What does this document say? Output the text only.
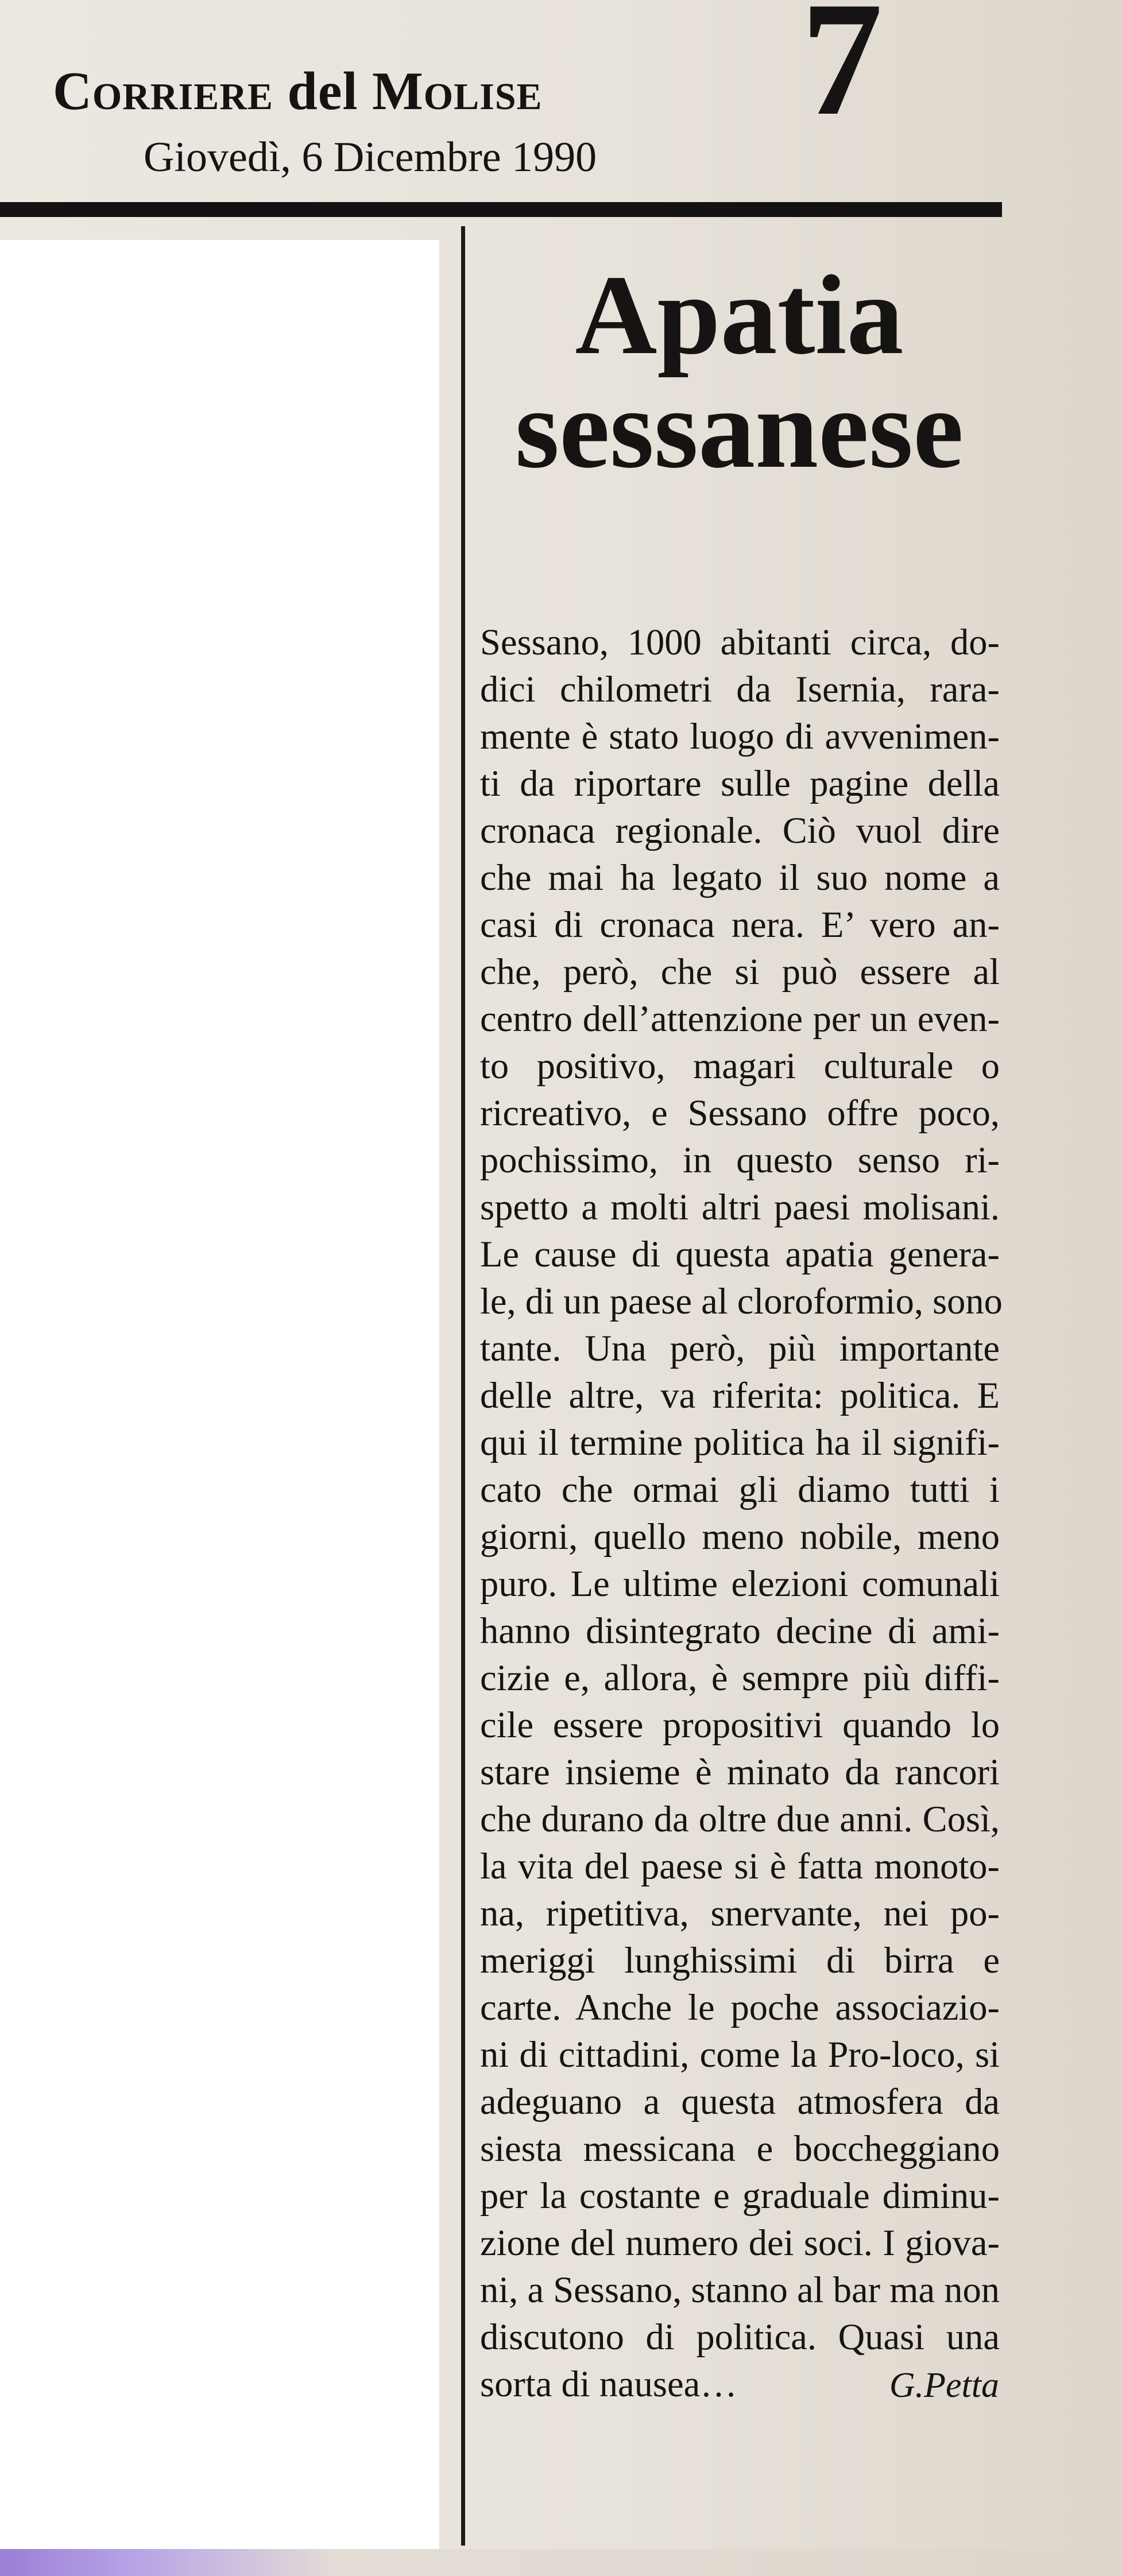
Corriere del Molise
Giovedì, 6 Dicembre 1990
7
Apatia
sessanese
Sessano, 1000 abitanti circa, do-
dici chilometri da Isernia, rara-
mente è stato luogo di avvenimen-
ti da riportare sulle pagine della
cronaca regionale. Ciò vuol dire
che mai ha legato il suo nome a
casi di cronaca nera. E’ vero an-
che, però, che si può essere al
centro dell’attenzione per un even-
to positivo, magari culturale o
ricreativo, e Sessano offre poco,
pochissimo, in questo senso ri-
spetto a molti altri paesi molisani.
Le cause di questa apatia genera-
le, di un paese al cloroformio, sono
tante. Una però, più importante
delle altre, va riferita: politica. E
qui il termine politica ha il signifi-
cato che ormai gli diamo tutti i
giorni, quello meno nobile, meno
puro. Le ultime elezioni comunali
hanno disintegrato decine di ami-
cizie e, allora, è sempre più diffi-
cile essere propositivi quando lo
stare insieme è minato da rancori
che durano da oltre due anni. Così,
la vita del paese si è fatta monoto-
na, ripetitiva, snervante, nei po-
meriggi lunghissimi di birra e
carte. Anche le poche associazio-
ni di cittadini, come la Pro-loco, si
adeguano a questa atmosfera da
siesta messicana e boccheggiano
per la costante e graduale diminu-
zione del numero dei soci. I giova-
ni, a Sessano, stanno al bar ma non
discutono di politica. Quasi una
sorta di nausea…	G.Petta
